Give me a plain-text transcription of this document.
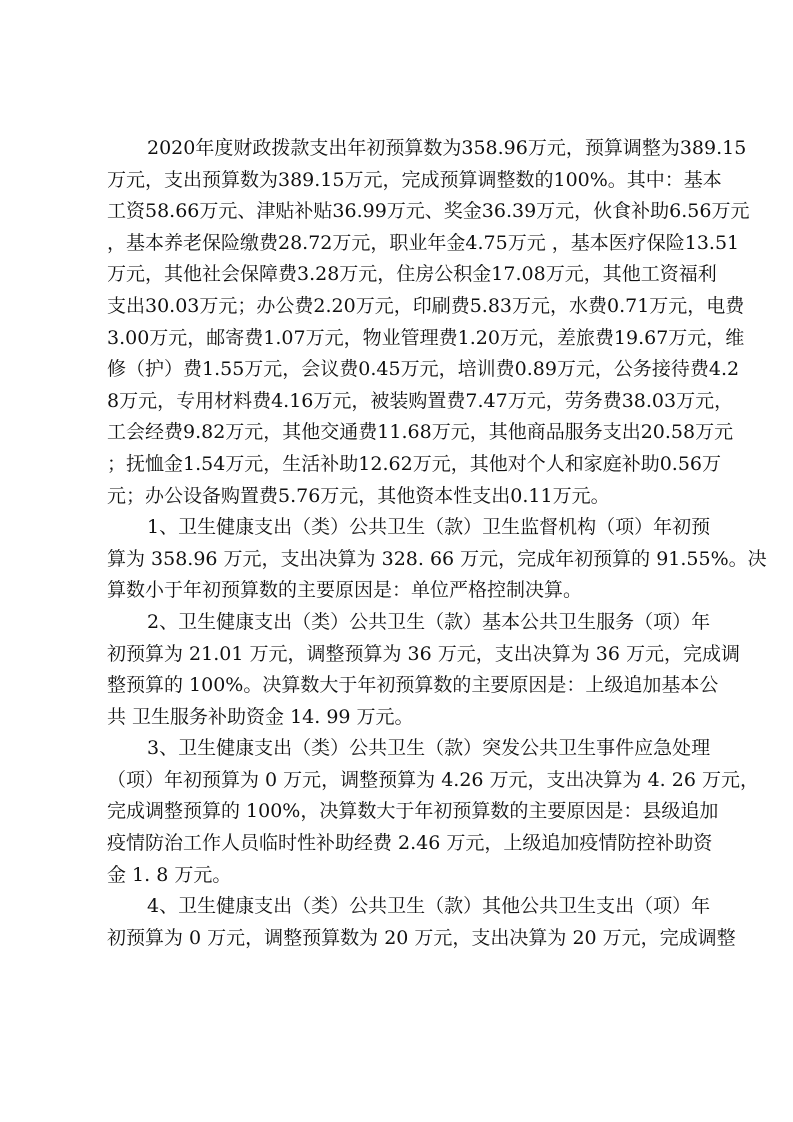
2020年度财政拨款支出年初预算数为358.96万元，预算调整为389.15
万元，支出预算数为389.15万元，完成预算调整数的100%。其中：基本
工资58.66万元、津贴补贴36.99万元、奖金36.39万元，伙食补助6.56万元
，基本养老保险缴费28.72万元，职业年金4.75万元 ，基本医疗保险13.51
万元，其他社会保障费3.28万元，住房公积金17.08万元，其他工资福利
支出30.03万元；办公费2.20万元，印刷费5.83万元，水费0.71万元，电费
3.00万元，邮寄费1.07万元，物业管理费1.20万元，差旅费19.67万元，维
修（护）费1.55万元，会议费0.45万元，培训费0.89万元，公务接待费4.2
8万元，专用材料费4.16万元，被装购置费7.47万元，劳务费38.03万元，
工会经费9.82万元，其他交通费11.68万元，其他商品服务支出20.58万元
；抚恤金1.54万元，生活补助12.62万元，其他对个人和家庭补助0.56万
元；办公设备购置费5.76万元，其他资本性支出0.11万元。
1、卫生健康支出（类）公共卫生（款）卫生监督机构（项）年初预
算为 358.96 万元，支出决算为 328. 66 万元，完成年初预算的 91.55%。决
算数小于年初预算数的主要原因是：单位严格控制决算。
2、卫生健康支出（类）公共卫生（款）基本公共卫生服务（项）年
初预算为 21.01 万元，调整预算为 36 万元，支出决算为 36 万元，完成调
整预算的 100%。决算数大于年初预算数的主要原因是：上级追加基本公
共 卫生服务补助资金 14. 99 万元。
3、卫生健康支出（类）公共卫生（款）突发公共卫生事件应急处理
（项）年初预算为 0 万元，调整预算为 4.26 万元，支出决算为 4. 26 万元，
完成调整预算的 100%，决算数大于年初预算数的主要原因是：县级追加
疫情防治工作人员临时性补助经费 2.46 万元，上级追加疫情防控补助资
金 1. 8 万元。
4、卫生健康支出（类）公共卫生（款）其他公共卫生支出（项）年
初预算为 0 万元，调整预算数为 20 万元，支出决算为 20 万元，完成调整
